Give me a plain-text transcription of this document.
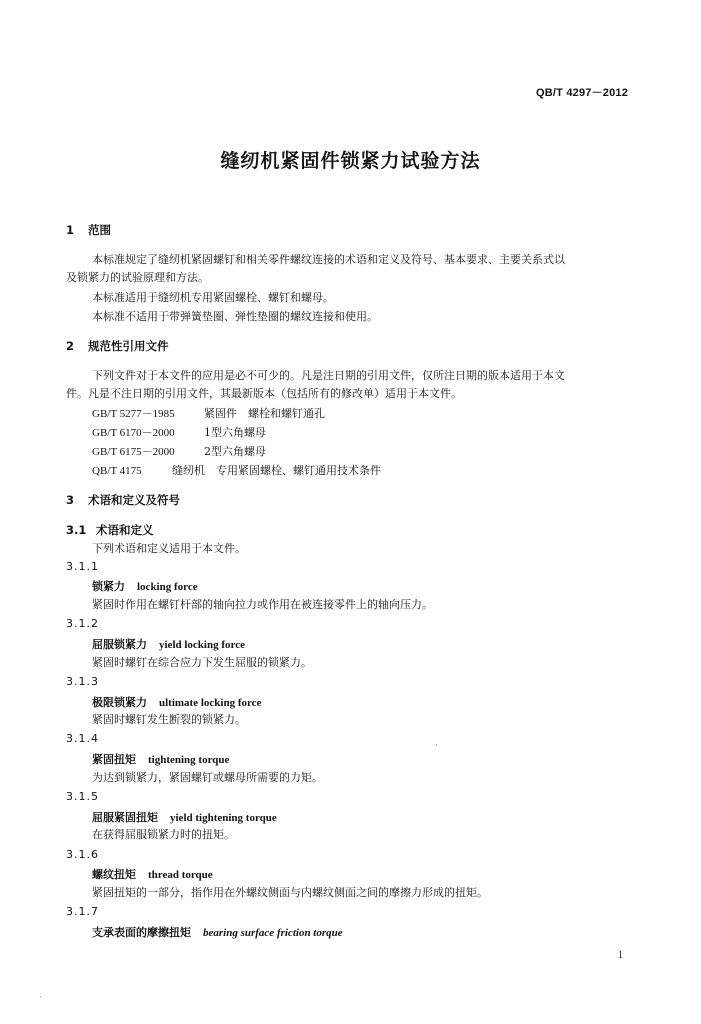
QB/T 4297－2012
缝纫机紧固件锁紧力试验方法
1 范围
本标准规定了缝纫机紧固螺钉和相关零件螺纹连接的术语和定义及符号、基本要求、主要关系式以
及锁紧力的试验原理和方法。
本标准适用于缝纫机专用紧固螺栓、螺钉和螺母。
本标准不适用于带弹簧垫圈、弹性垫圈的螺纹连接和使用。
2 规范性引用文件
下列文件对于本文件的应用是必不可少的。凡是注日期的引用文件，仅所注日期的版本适用于本文
件。凡是不注日期的引用文件，其最新版本（包括所有的修改单）适用于本文件。
GB/T 5277－1985	紧固件　螺栓和螺钉通孔
GB/T 6170－2000	1型六角螺母
GB/T 6175－2000	2型六角螺母
QB/T 4175	缝纫机　专用紧固螺栓、螺钉通用技术条件
3 术语和定义及符号
3.1 术语和定义
下列术语和定义适用于本文件。
3.1.1
锁紧力 locking force
紧固时作用在螺钉杆部的轴向拉力或作用在被连接零件上的轴向压力。
3.1.2
屈服锁紧力 yield locking force
紧固时螺钉在综合应力下发生屈服的锁紧力。
3.1.3
极限锁紧力 ultimate locking force
紧固时螺钉发生断裂的锁紧力。
3.1.4
紧固扭矩 tightening torque
为达到锁紧力，紧固螺钉或螺母所需要的力矩。
3.1.5
屈服紧固扭矩 yield tightening torque
在获得屈服锁紧力时的扭矩。
3.1.6
螺纹扭矩 thread torque
紧固扭矩的一部分，指作用在外螺纹侧面与内螺纹侧面之间的摩擦力形成的扭矩。
3.1.7
支承表面的摩擦扭矩 bearing surface friction torque
1
